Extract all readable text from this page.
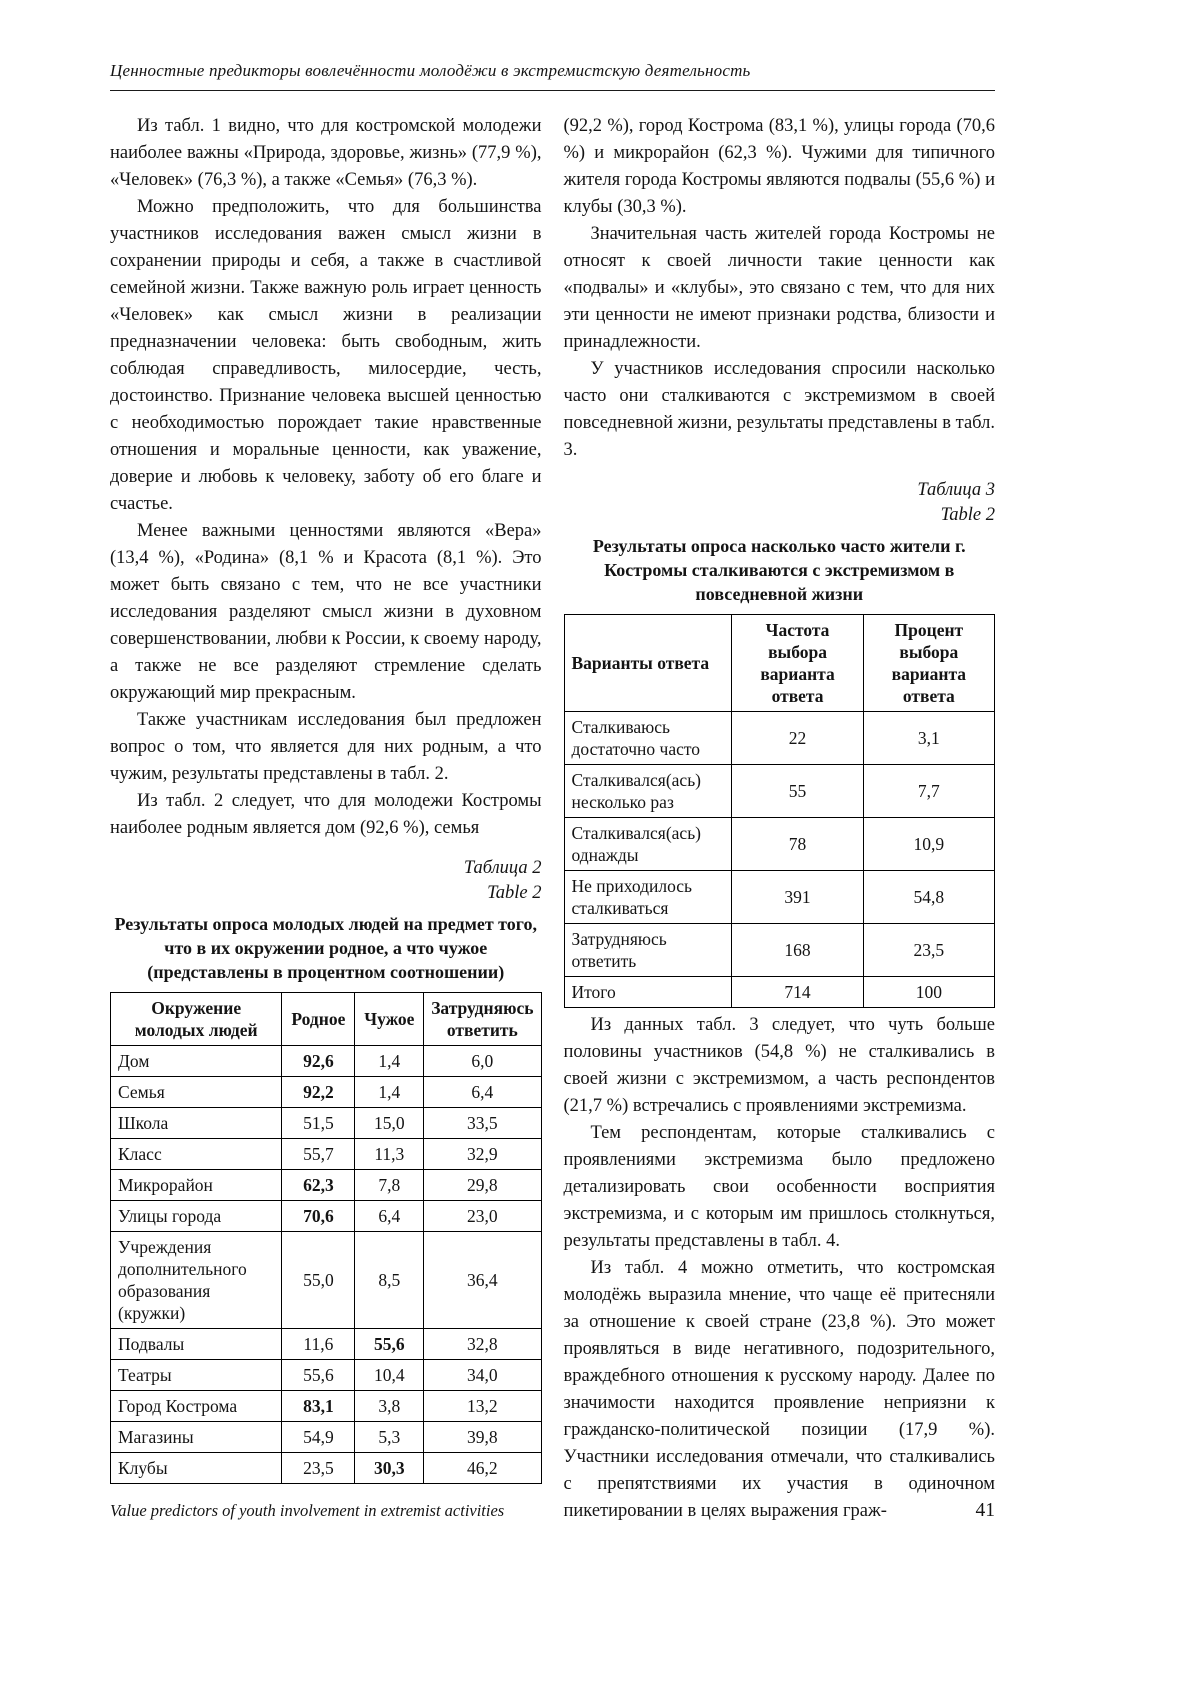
Ценностные предикторы вовлечённости молодёжи в экстремистскую деятельность

Из табл. 1 видно, что для костромской молодежи наиболее важны «Природа, здоровье, жизнь» (77,9 %), «Человек» (76,3 %), а также «Семья» (76,3 %).

Можно предположить, что для большинства участников исследования важен смысл жизни в сохранении природы и себя, а также в счастливой семейной жизни. Также важную роль играет ценность «Человек» как смысл жизни в реализации предназначении человека: быть свободным, жить соблюдая справедливость, милосердие, честь, достоинство. Признание человека высшей ценностью с необходимостью порождает такие нравственные отношения и моральные ценности, как уважение, доверие и любовь к человеку, заботу об его благе и счастье.

Менее важными ценностями являются «Вера» (13,4 %), «Родина» (8,1 % и Красота (8,1 %). Это может быть связано с тем, что не все участники исследования разделяют смысл жизни в духовном совершенствовании, любви к России, к своему народу, а также не все разделяют стремление сделать окружающий мир прекрасным.

Также участникам исследования был предложен вопрос о том, что является для них родным, а что чужим, результаты представлены в табл. 2.

Из табл. 2 следует, что для молодежи Костромы наиболее родным является дом (92,6 %), семья

Таблица 2
Table 2
Результаты опроса молодых людей на предмет того, что в их окружении родное, а что чужое (представлены в процентном соотношении)
Окружение молодых людей	Родное	Чужое	Затрудняюсь ответить
Дом	92,6	1,4	6,0
Семья	92,2	1,4	6,4
Школа	51,5	15,0	33,5
Класс	55,7	11,3	32,9
Микрорайон	62,3	7,8	29,8
Улицы города	70,6	6,4	23,0
Учреждения дополнительного образования (кружки)	55,0	8,5	36,4
Подвалы	11,6	55,6	32,8
Театры	55,6	10,4	34,0
Город Кострома	83,1	3,8	13,2
Магазины	54,9	5,3	39,8
Клубы	23,5	30,3	46,2

(92,2 %), город Кострома (83,1 %), улицы города (70,6 %) и микрорайон (62,3 %). Чужими для типичного жителя города Костромы являются подвалы (55,6 %) и клубы (30,3 %).

Значительная часть жителей города Костромы не относят к своей личности такие ценности как «подвалы» и «клубы», это связано с тем, что для них эти ценности не имеют признаки родства, близости и принадлежности.

У участников исследования спросили насколько часто они сталкиваются с экстремизмом в своей повседневной жизни, результаты представлены в табл. 3.

Таблица 3
Table 2
Результаты опроса насколько часто жители г. Костромы сталкиваются с экстремизмом в повседневной жизни
Варианты ответа	Частота выбора варианта ответа	Процент выбора варианта ответа
Сталкиваюсь достаточно часто	22	3,1
Сталкивался(ась) несколько раз	55	7,7
Сталкивался(ась) однажды	78	10,9
Не приходилось сталкиваться	391	54,8
Затрудняюсь ответить	168	23,5
Итого	714	100

Из данных табл. 3 следует, что чуть больше половины участников (54,8 %) не сталкивались в своей жизни с экстремизмом, а часть респондентов (21,7 %) встречались с проявлениями экстремизма.

Тем респондентам, которые сталкивались с проявлениями экстремизма было предложено детализировать свои особенности восприятия экстремизма, и с которым им пришлось столкнуться, результаты представлены в табл. 4.

Из табл. 4 можно отметить, что костромская молодёжь выразила мнение, что чаще её притесняли за отношение к своей стране (23,8 %). Это может проявляться в виде негативного, подозрительного, враждебного отношения к русскому народу. Далее по значимости находится проявление неприязни к гражданско-политической позиции (17,9 %). Участники исследования отмечали, что сталкивались с препятствиями их участия в одиночном пикетировании в целях выражения граж-

Value predictors of youth involvement in extremist activities	41
